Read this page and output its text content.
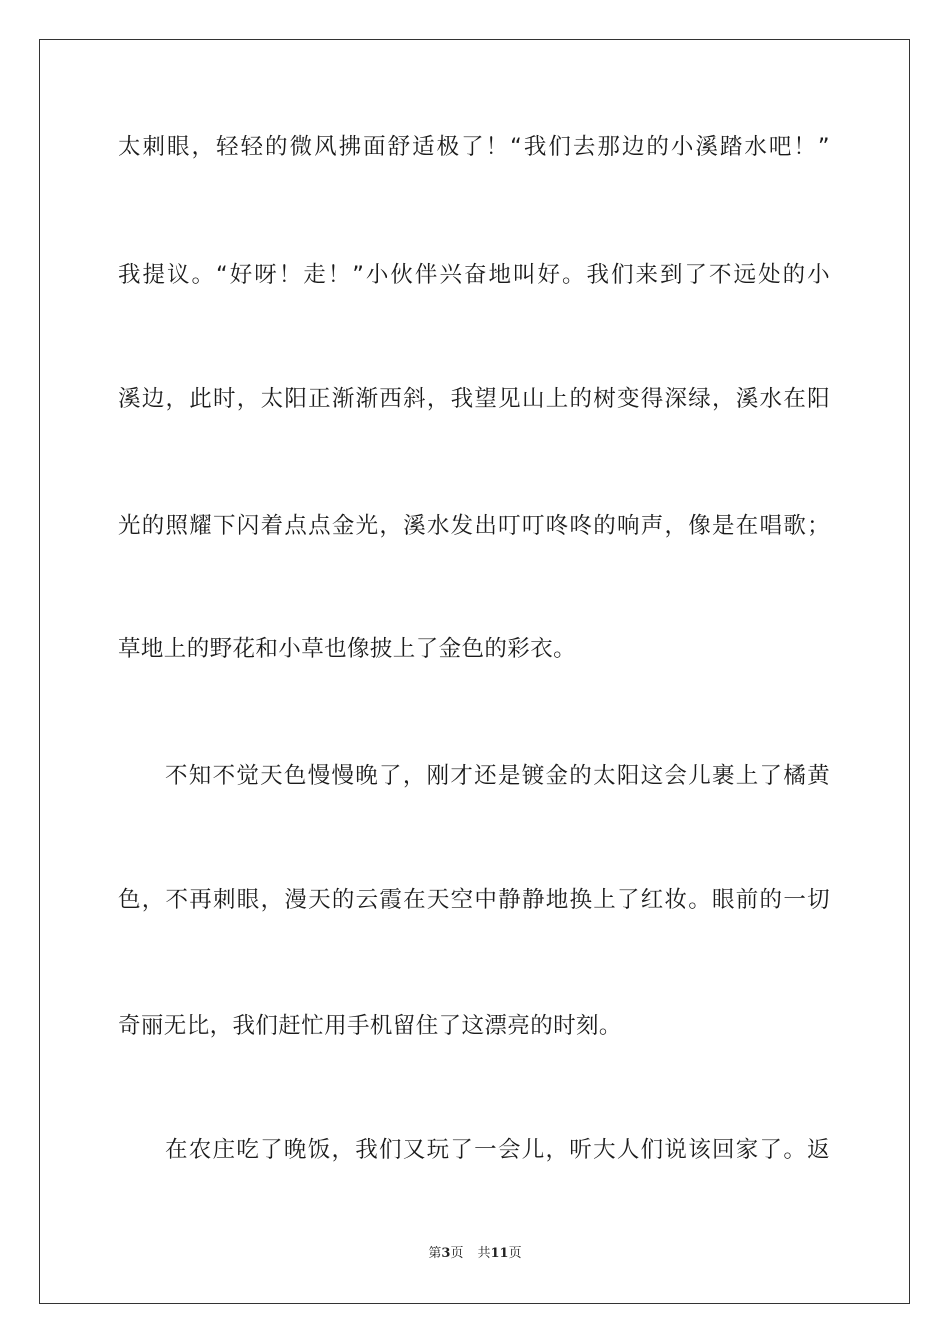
太刺眼，轻轻的微风拂面舒适极了！“我们去那边的小溪踏水吧！”
我提议。“好呀！走！”小伙伴兴奋地叫好。我们来到了不远处的小
溪边，此时，太阳正渐渐西斜，我望见山上的树变得深绿，溪水在阳
光的照耀下闪着点点金光，溪水发出叮叮咚咚的响声，像是在唱歌；
草地上的野花和小草也像披上了金色的彩衣。
不知不觉天色慢慢晚了，刚才还是镀金的太阳这会儿裹上了橘黄
色，不再刺眼，漫天的云霞在天空中静静地换上了红妆。眼前的一切
奇丽无比，我们赶忙用手机留住了这漂亮的时刻。
在农庄吃了晚饭，我们又玩了一会儿，听大人们说该回家了。返
第3页 共11页
